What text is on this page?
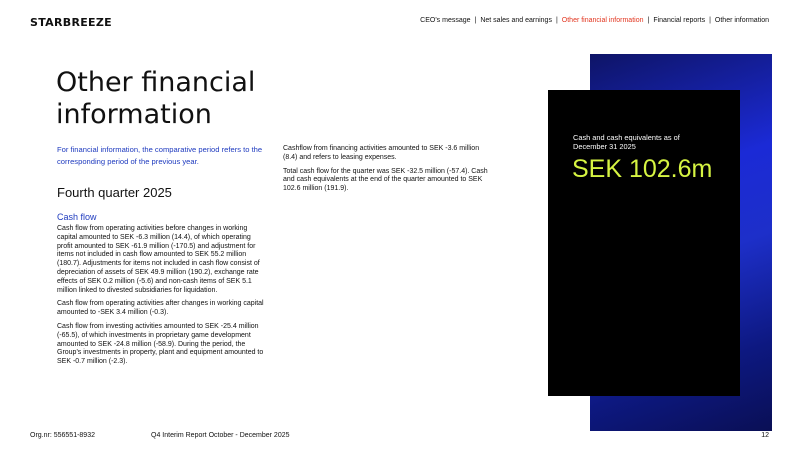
STARBREEZE	CEO's message | Net sales and earnings | Other financial information | Financial reports | Other information
Other financial information
For financial information, the comparative period refers to the corresponding period of the previous year.
Fourth quarter 2025
Cash flow

Cash flow from operating activities before changes in working capital amounted to SEK -6.3 million (14.4), of which operating profit amounted to SEK -61.9 million (-170.5) and adjustment for items not included in cash flow amounted to SEK 55.2 million (180.7). Adjustments for items not included in cash flow consist of depreciation of assets of SEK 49.9 million (190.2), exchange rate effects of SEK 0.2 million (-5.6) and non-cash items of SEK 5.1 million linked to divested subsidiaries for liquidation.

Cash flow from operating activities after changes in working capital amounted to -SEK 3.4 million (-0.3).

Cash flow from investing activities amounted to SEK -25.4 million (-65.5), of which investments in proprietary game development amounted to SEK -24.8 million (-58.9). During the period, the Group's investments in property, plant and equipment amounted to SEK -0.7 million (-2.3).

Cashflow from financing activities amounted to SEK -3.6 million (8.4) and refers to leasing expenses.

Total cash flow for the quarter was SEK -32.5 million (-57.4). Cash and cash equivalents at the end of the quarter amounted to SEK 102.6 million (191.9).

Cash and cash equivalents as of December 31 2025
SEK 102.6m
Org.nr: 556551-8932	Q4 Interim Report October - December 2025	12
